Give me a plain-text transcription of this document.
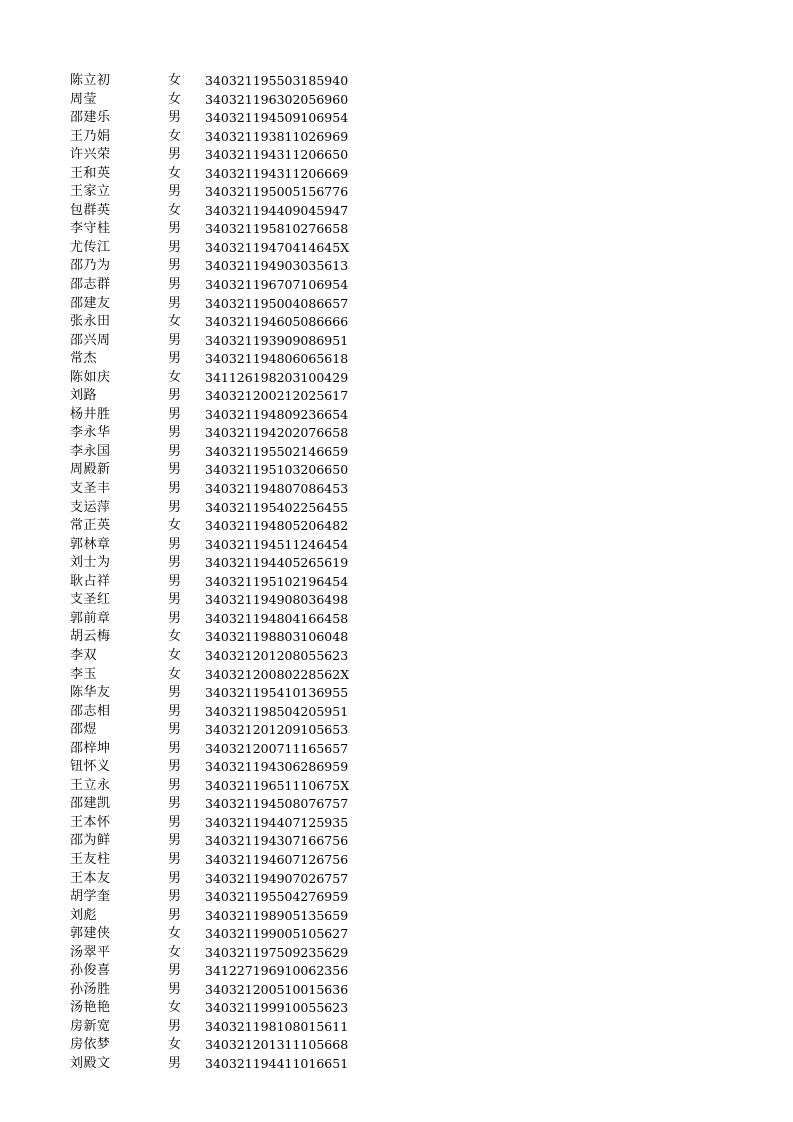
陈立初	女	340321195503185940
周莹	女	340321196302056960
邵建乐	男	340321194509106954
王乃娟	女	340321193811026969
许兴荣	男	340321194311206650
王和英	女	340321194311206669
王家立	男	340321195005156776
包群英	女	340321194409045947
李守桂	男	340321195810276658
尤传江	男	34032119470414645X
邵乃为	男	340321194903035613
邵志群	男	340321196707106954
邵建友	男	340321195004086657
张永田	女	340321194605086666
邵兴周	男	340321193909086951
常杰	男	340321194806065618
陈如庆	女	341126198203100429
刘路	男	340321200212025617
杨井胜	男	340321194809236654
李永华	男	340321194202076658
李永国	男	340321195502146659
周殿新	男	340321195103206650
支圣丰	男	340321194807086453
支运萍	男	340321195402256455
常正英	女	340321194805206482
郭林章	男	340321194511246454
刘士为	男	340321194405265619
耿占祥	男	340321195102196454
支圣红	男	340321194908036498
郭前章	男	340321194804166458
胡云梅	女	340321198803106048
李双	女	340321201208055623
李玉	女	34032120080228562X
陈华友	男	340321195410136955
邵志相	男	340321198504205951
邵煜	男	340321201209105653
邵梓坤	男	340321200711165657
钮怀义	男	340321194306286959
王立永	男	34032119651110675X
邵建凯	男	340321194508076757
王本怀	男	340321194407125935
邵为鲜	男	340321194307166756
王友柱	男	340321194607126756
王本友	男	340321194907026757
胡学奎	男	340321195504276959
刘彪	男	340321198905135659
郭建侠	女	340321199005105627
汤翠平	女	340321197509235629
孙俊喜	男	341227196910062356
孙汤胜	男	340321200510015636
汤艳艳	女	340321199910055623
房新宽	男	340321198108015611
房依梦	女	340321201311105668
刘殿文	男	340321194411016651
